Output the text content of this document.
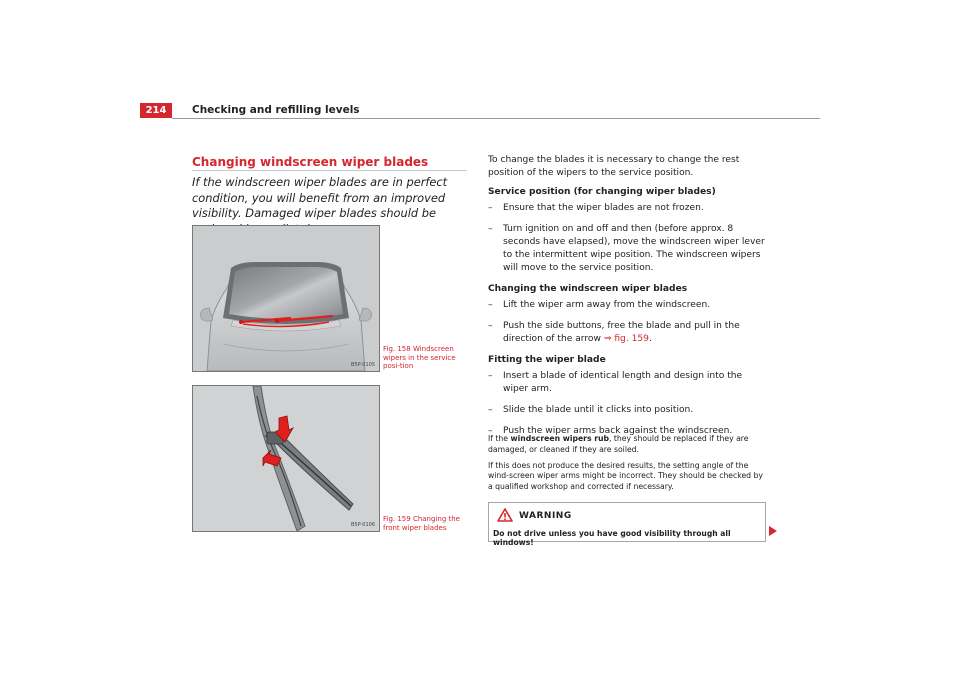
214	Checking and refilling levels
Changing windscreen wiper blades
If the windscreen wiper blades are in perfect condition, you will benefit from an improved visibility. Damaged wiper blades should be
B5P-0105
Fig. 158 Windscreen wipers in the service posi-tion
B5P-0106
Fig. 159 Changing the front wiper blades

To change the blades it is necessary to change the rest position of the wipers to the service position.

Service position (for changing wiper blades)

– Ensure that the wiper blades are not frozen.
– Turn ignition on and off and then (before approx. 8 seconds have elapsed), move the windscreen wiper lever to the intermittent wipe position. The windscreen wipers will move to the service position.

Changing the windscreen wiper blades

– Lift the wiper arm away from the windscreen.
– Push the side buttons, free the blade and pull in the direction of the arrow ⇒ fig. 159.

Fitting the wiper blade

– Insert a blade of identical length and design into the wiper arm.
– Slide the blade until it clicks into position.
– Push the wiper arms back against the windscreen.

If the windscreen wipers rub, they should be replaced if they are damaged, or cleaned if they are soiled.

If this does not produce the desired results, the setting angle of the wind-screen wiper arms might be incorrect. They should be checked by a qualified workshop and corrected if necessary.

WARNING
Do not drive unless you have good visibility through all windows!
